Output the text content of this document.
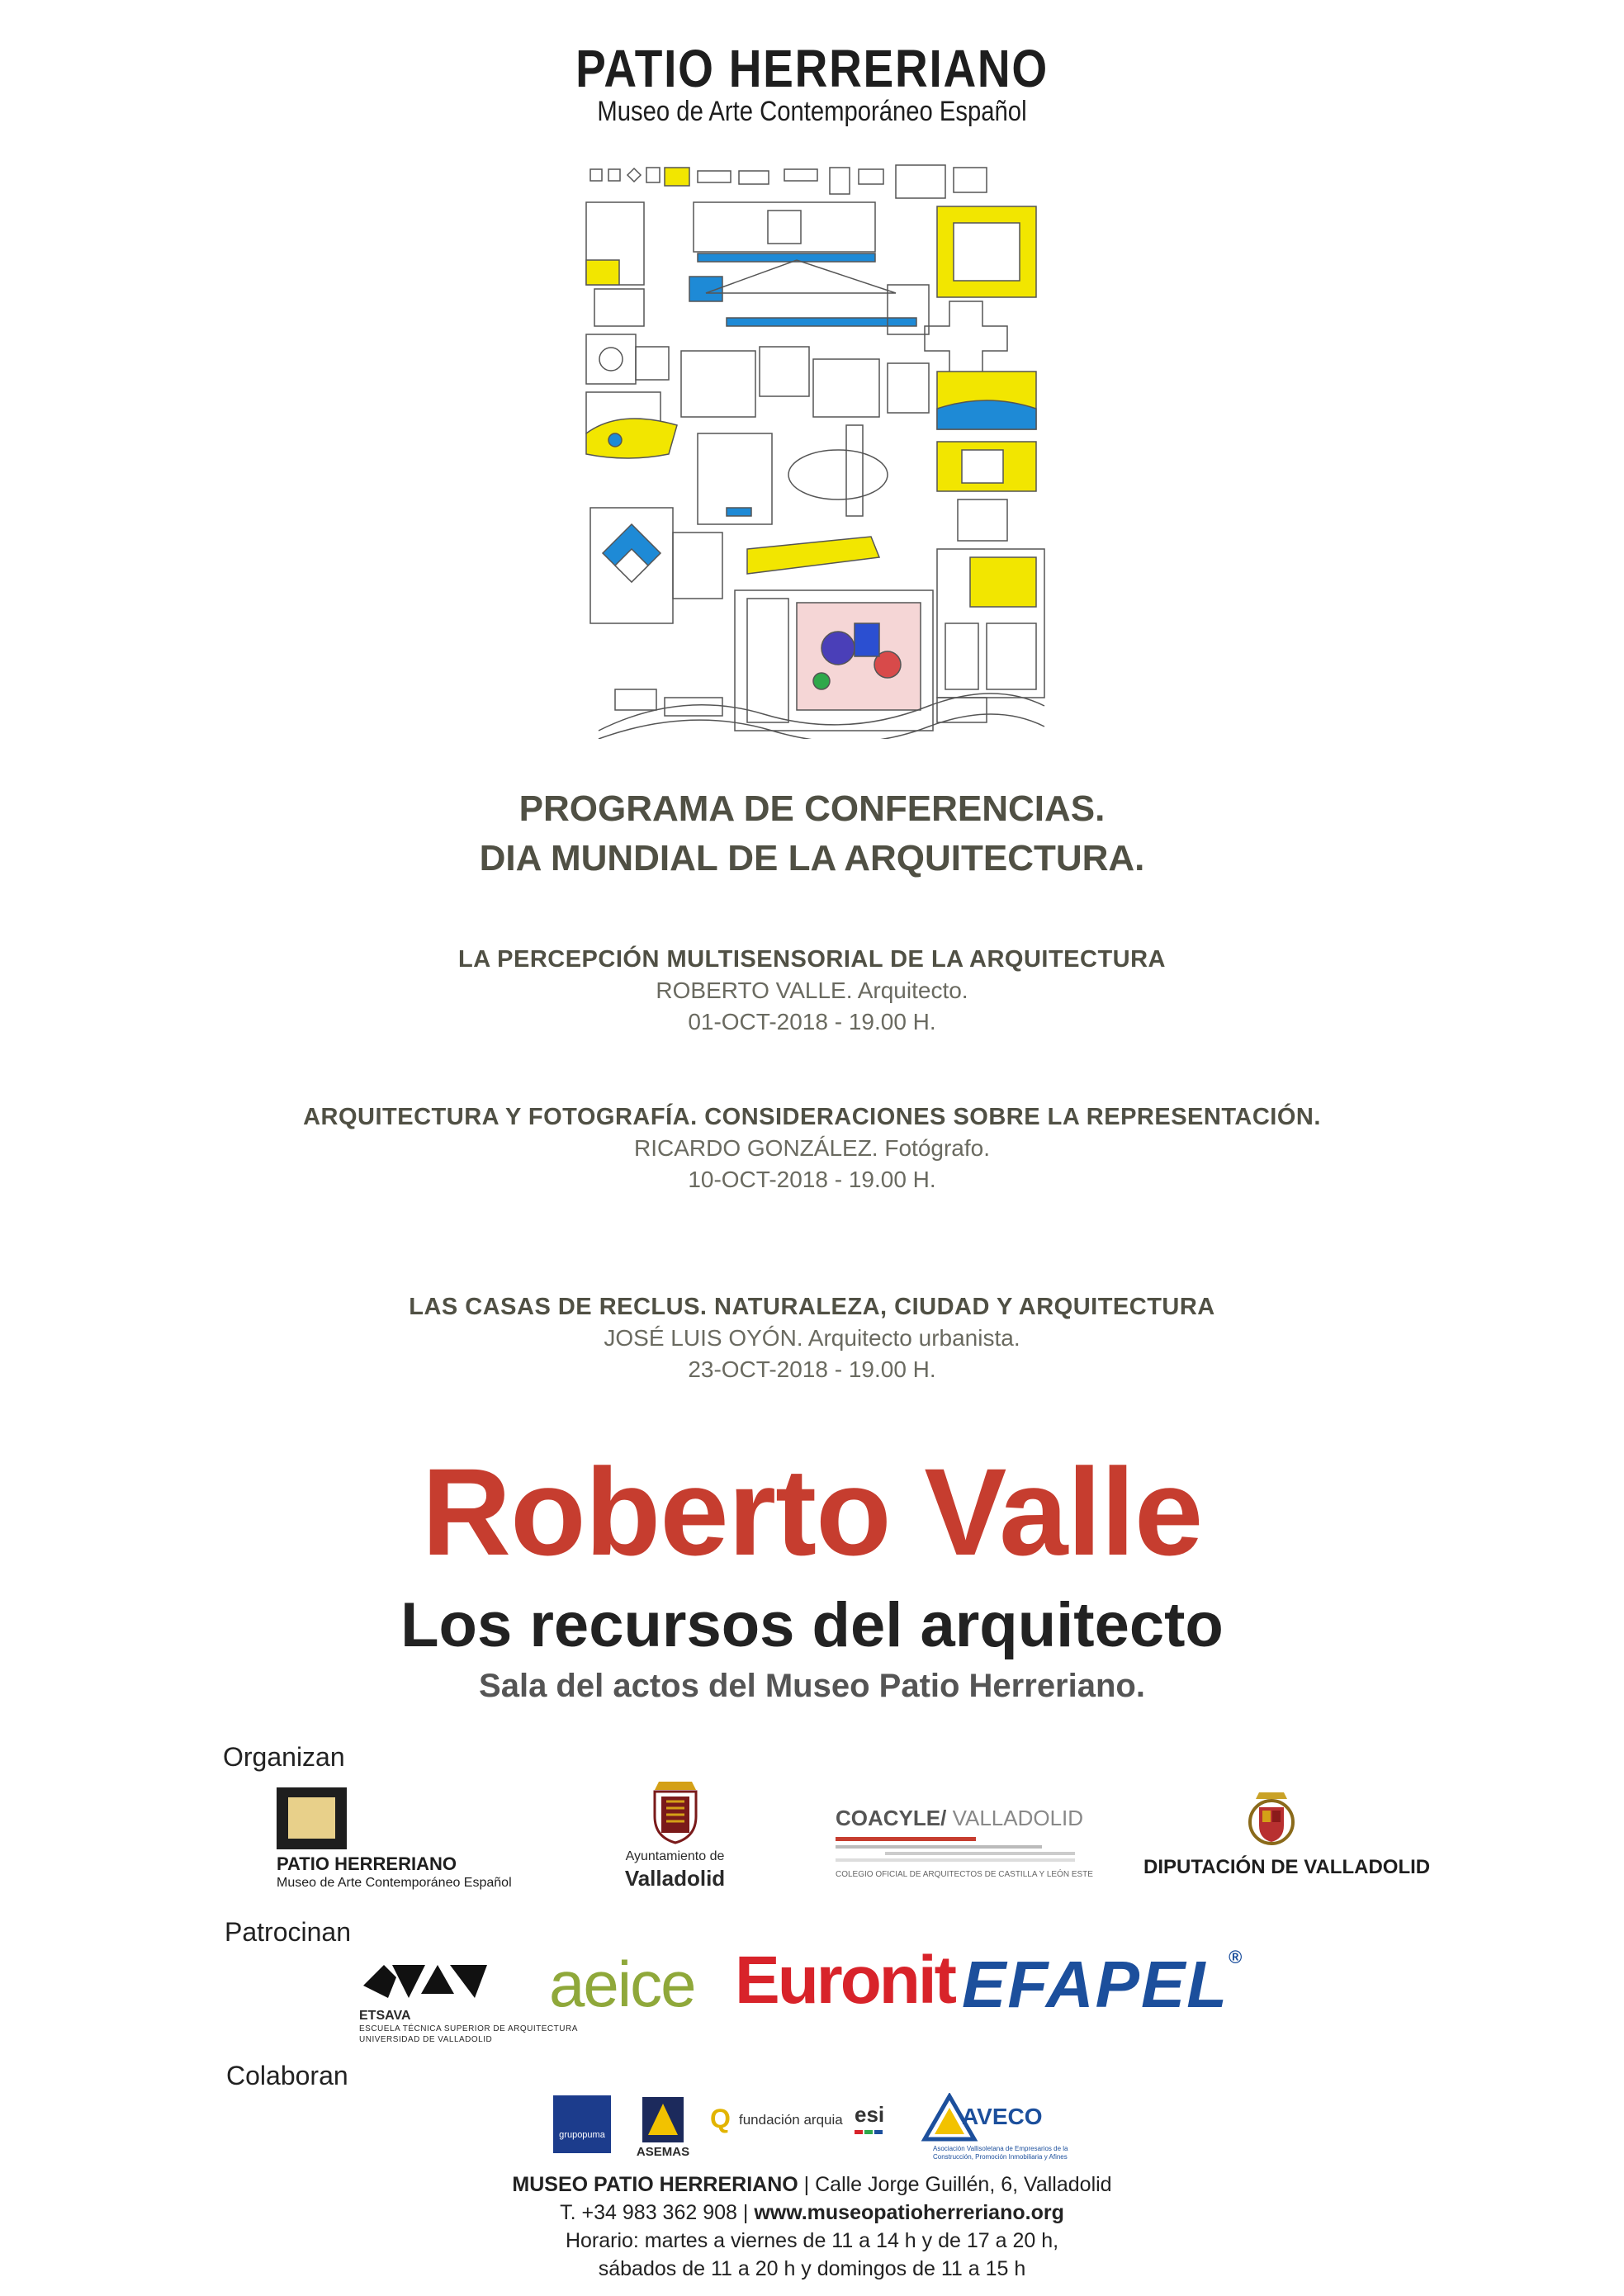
PATIO HERRERIANO
Museo de Arte Contemporáneo Español
PROGRAMA DE CONFERENCIAS.
DIA MUNDIAL DE LA ARQUITECTURA.
LA PERCEPCIÓN MULTISENSORIAL DE LA ARQUITECTURA
ROBERTO VALLE. Arquitecto.
01-OCT-2018 - 19.00 H.
ARQUITECTURA Y FOTOGRAFÍA. CONSIDERACIONES SOBRE LA REPRESENTACIÓN.
RICARDO GONZÁLEZ. Fotógrafo.
10-OCT-2018 - 19.00 H.
LAS CASAS DE RECLUS. NATURALEZA, CIUDAD Y ARQUITECTURA
JOSÉ LUIS OYÓN. Arquitecto urbanista.
23-OCT-2018 - 19.00 H.
Roberto Valle
Los recursos del arquitecto
Sala del actos del Museo Patio Herreriano.
Organizan
PATIO HERRERIANO
Museo de Arte Contemporáneo Español
Ayuntamiento de
Valladolid
COACYLE/ VALLADOLID
COLEGIO OFICIAL DE ARQUITECTOS DE CASTILLA Y LEÓN ESTE	DIPUTACIÓN DE VALLADOLID
Patrocinan
ETSAVA
ESCUELA TÉCNICA SUPERIOR DE ARQUITECTURA
UNIVERSIDAD DE VALLADOLID
aeice Euronit EFAPEL®
Colaboran
grupopuma
ASEMAS
Q fundación arquia esi	AVECO
Asociación Vallisoletana de Empresarios de la
Construcción, Promoción Inmobiliaria y Afines
MUSEO PATIO HERRERIANO | Calle Jorge Guillén, 6, Valladolid
T. +34 983 362 908 | www.museopatioherreriano.org
Horario: martes a viernes de 11 a 14 h y de 17 a 20 h,
sábados de 11 a 20 h y domingos de 11 a 15 h
